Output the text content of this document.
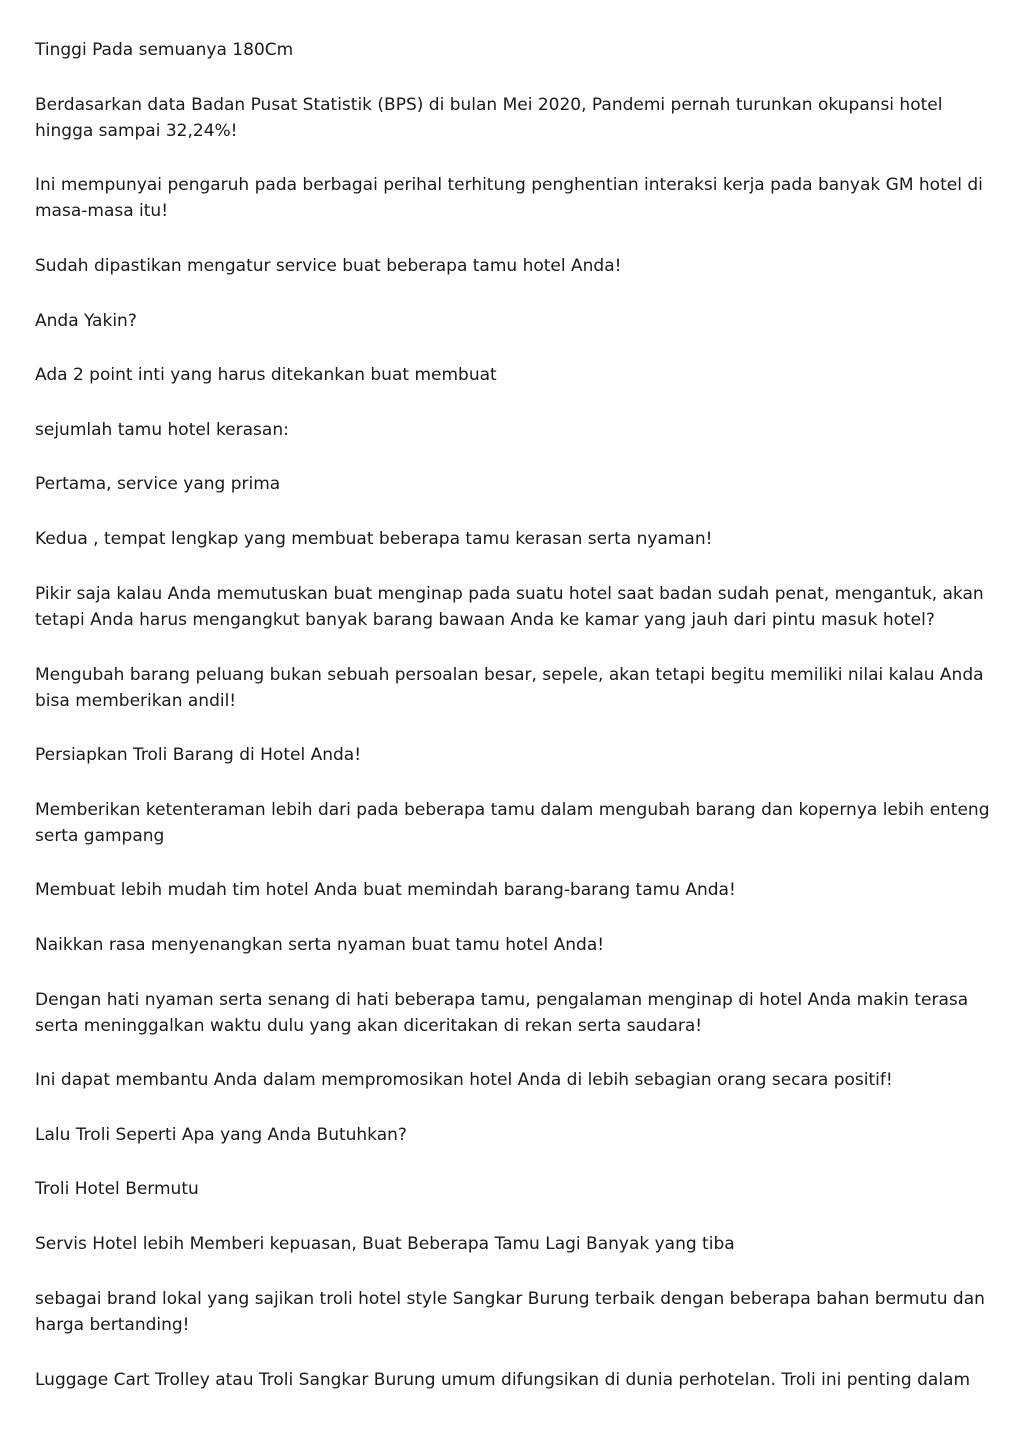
Tinggi Pada semuanya 180Cm

Berdasarkan data Badan Pusat Statistik (BPS) di bulan Mei 2020, Pandemi pernah turunkan okupansi hotel hingga sampai 32,24%!

Ini mempunyai pengaruh pada berbagai perihal terhitung penghentian interaksi kerja pada banyak GM hotel di masa-masa itu!

Sudah dipastikan mengatur service buat beberapa tamu hotel Anda!

Anda Yakin?

Ada 2 point inti yang harus ditekankan buat membuat

sejumlah tamu hotel kerasan:

Pertama, service yang prima

Kedua , tempat lengkap yang membuat beberapa tamu kerasan serta nyaman!

Pikir saja kalau Anda memutuskan buat menginap pada suatu hotel saat badan sudah penat, mengantuk, akan tetapi Anda harus mengangkut banyak barang bawaan Anda ke kamar yang jauh dari pintu masuk hotel?

Mengubah barang peluang bukan sebuah persoalan besar, sepele, akan tetapi begitu memiliki nilai kalau Anda bisa memberikan andil!

Persiapkan Troli Barang di Hotel Anda!

Memberikan ketenteraman lebih dari pada beberapa tamu dalam mengubah barang dan kopernya lebih enteng serta gampang

Membuat lebih mudah tim hotel Anda buat memindah barang-barang tamu Anda!

Naikkan rasa menyenangkan serta nyaman buat tamu hotel Anda!

Dengan hati nyaman serta senang di hati beberapa tamu, pengalaman menginap di hotel Anda makin terasa serta meninggalkan waktu dulu yang akan diceritakan di rekan serta saudara!

Ini dapat membantu Anda dalam mempromosikan hotel Anda di lebih sebagian orang secara positif!

Lalu Troli Seperti Apa yang Anda Butuhkan?

Troli Hotel Bermutu

Servis Hotel lebih Memberi kepuasan, Buat Beberapa Tamu Lagi Banyak yang tiba

sebagai brand lokal yang sajikan troli hotel style Sangkar Burung terbaik dengan beberapa bahan bermutu dan harga bertanding!

Luggage Cart Trolley atau Troli Sangkar Burung umum difungsikan di dunia perhotelan. Troli ini penting dalam
